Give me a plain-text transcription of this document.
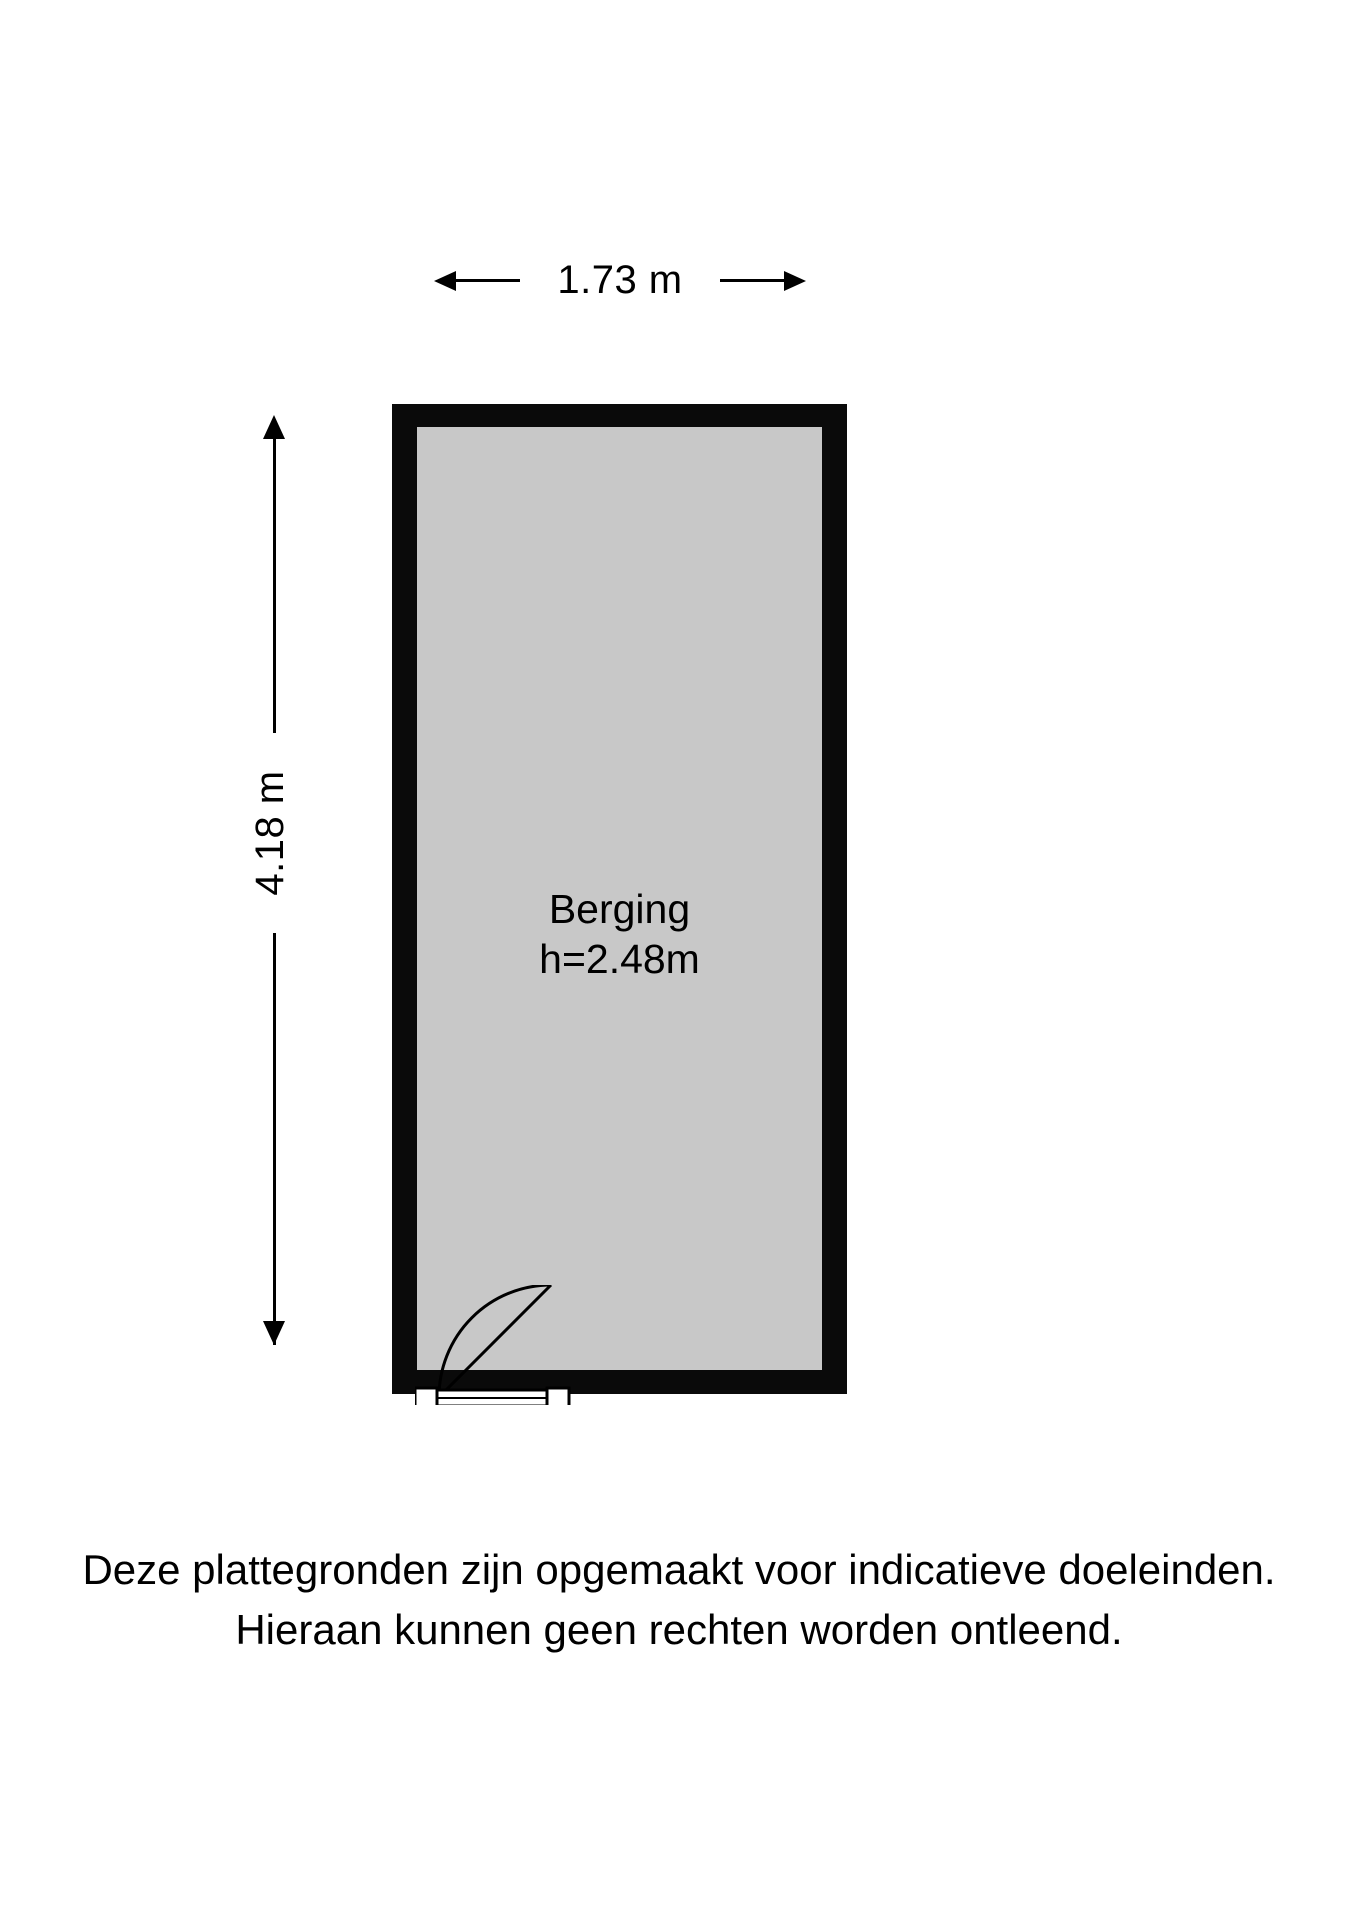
1.73 m
4.18 m
Berging
h=2.48m
Deze plattegronden zijn opgemaakt voor indicatieve doeleinden.
Hieraan kunnen geen rechten worden ontleend.
